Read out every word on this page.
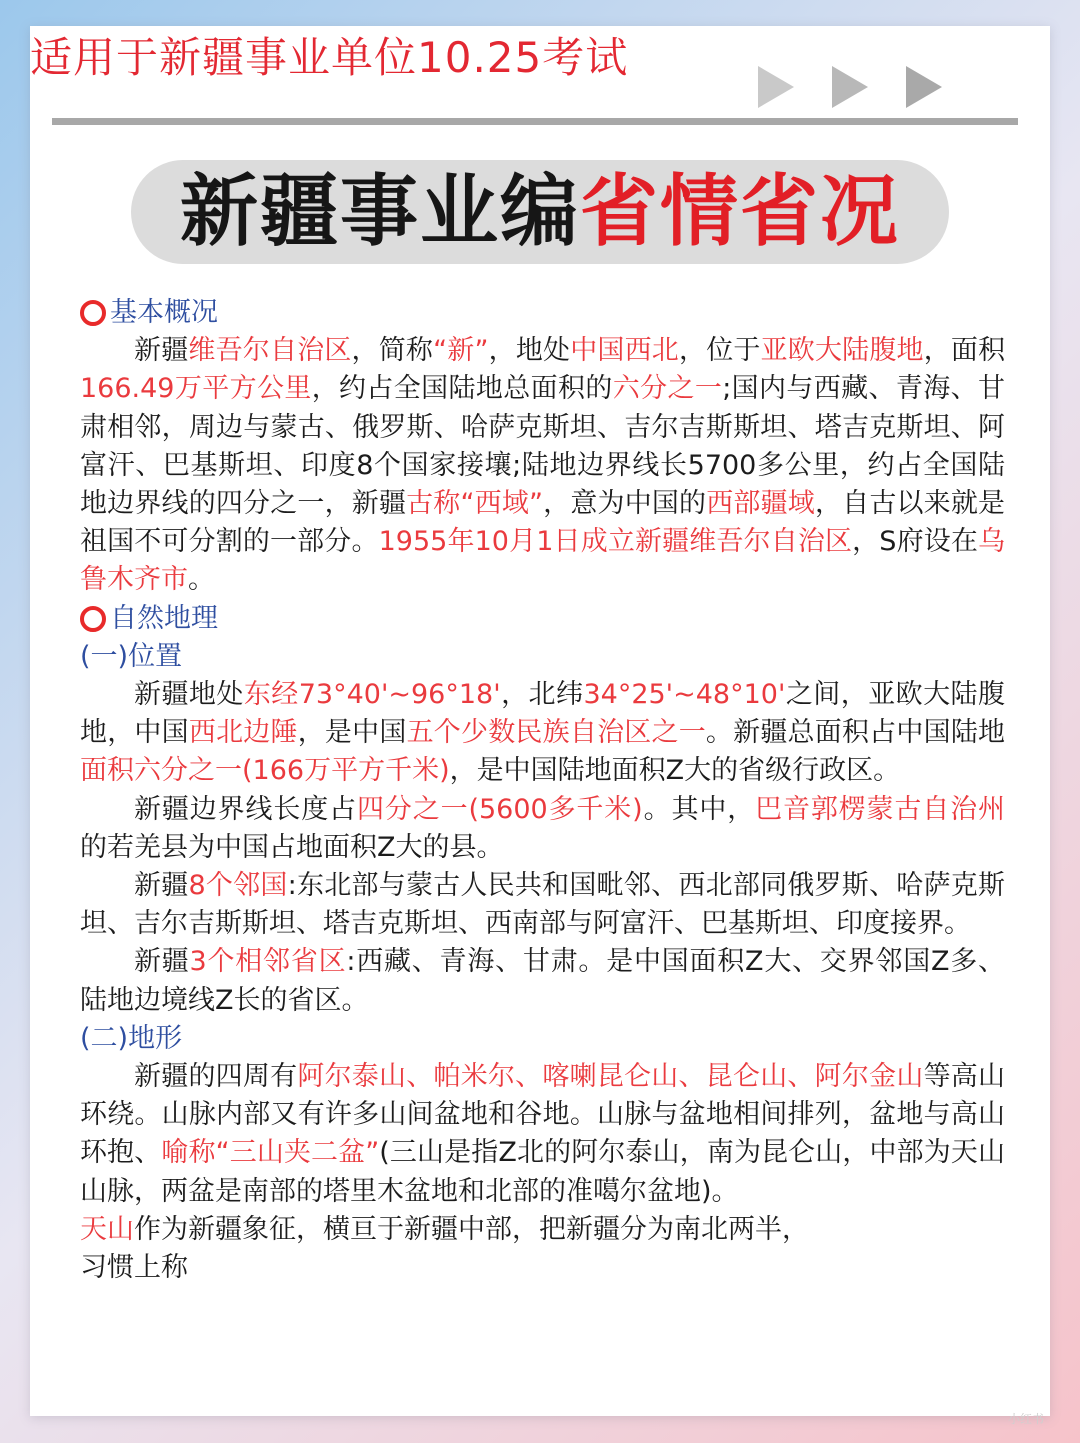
适用于新疆事业单位10.25考试
新疆事业编省情省况

基本概况

新疆维吾尔自治区，简称“新”，地处中国西北，位于亚欧大陆腹地，面积166.49万平方公里，约占全国陆地总面积的六分之一;国内与西藏、青海、甘肃相邻，周边与蒙古、俄罗斯、哈萨克斯坦、吉尔吉斯斯坦、塔吉克斯坦、阿富汗、巴基斯坦、印度8个国家接壤;陆地边界线长5700多公里，约占全国陆地边界线的四分之一，新疆古称“西域”，意为中国的西部疆域，自古以来就是祖国不可分割的一部分。1955年10月1日成立新疆维吾尔自治区，S府设在乌鲁木齐市。

自然地理

(一)位置

新疆地处东经73°40'~96°18'，北纬34°25'~48°10'之间，亚欧大陆腹地，中国西北边陲，是中国五个少数民族自治区之一。新疆总面积占中国陆地面积六分之一(166万平方千米)，是中国陆地面积Z大的省级行政区。

新疆边界线长度占四分之一(5600多千米)。其中，巴音郭楞蒙古自治州的若羌县为中国占地面积Z大的县。

新疆8个邻国:东北部与蒙古人民共和国毗邻、西北部同俄罗斯、哈萨克斯坦、吉尔吉斯斯坦、塔吉克斯坦、西南部与阿富汗、巴基斯坦、印度接界。

新疆3个相邻省区:西藏、青海、甘肃。是中国面积Z大、交界邻国Z多、陆地边境线Z长的省区。

(二)地形

新疆的四周有阿尔泰山、帕米尔、喀喇昆仑山、昆仑山、阿尔金山等高山环绕。山脉内部又有许多山间盆地和谷地。山脉与盆地相间排列，盆地与高山环抱、喻称“三山夹二盆”(三山是指Z北的阿尔泰山，南为昆仑山，中部为天山山脉，两盆是南部的塔里木盆地和北部的准噶尔盆地)。

天山作为新疆象征，横亘于新疆中部，把新疆分为南北两半，

习惯上称

小红书
